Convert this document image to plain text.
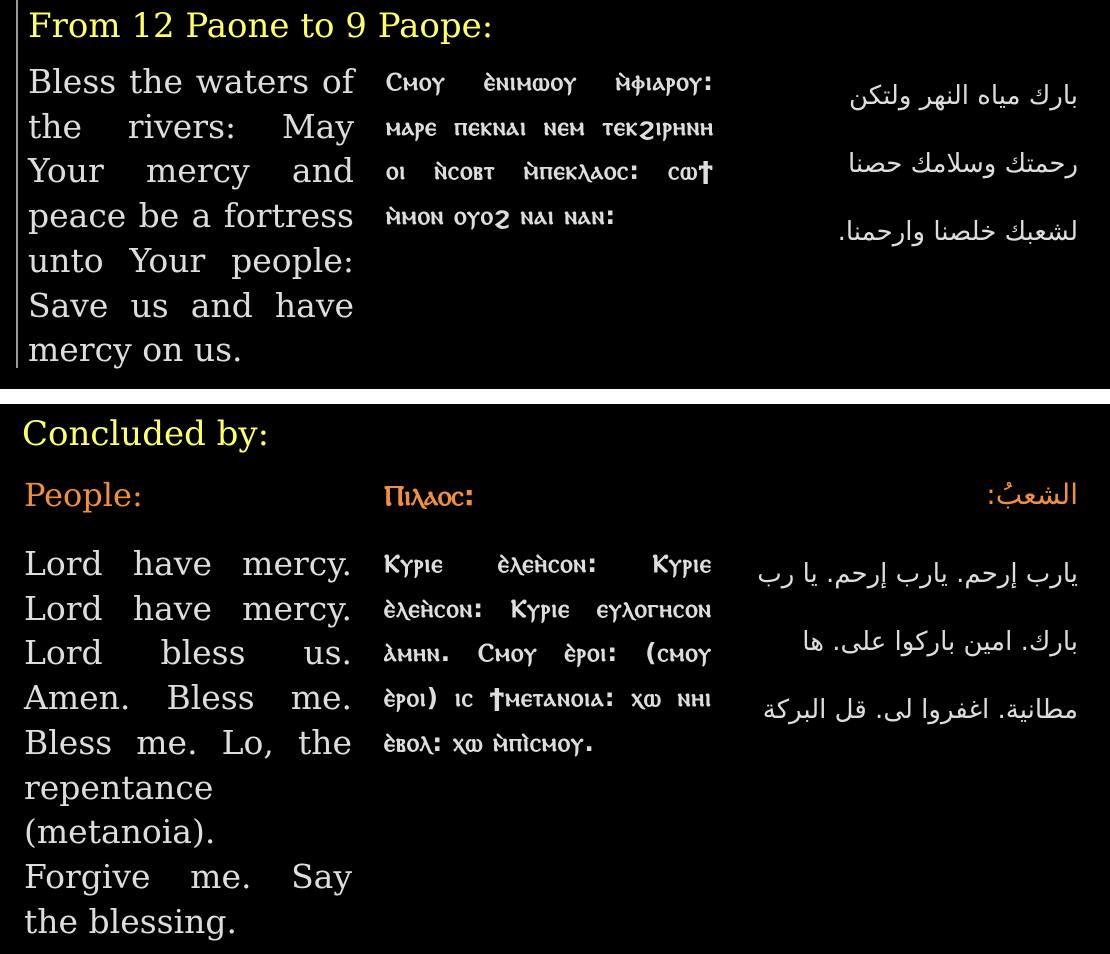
From 12 Paone to 9 Paope:
Bless the waters of the rivers: May Your mercy and peace be a fortress unto Your people: Save us and have mercy on us.
Ⲥⲙⲟⲩ ⲉ̀ⲛⲓⲙⲱⲟⲩ ⲙ̀ⲫⲓⲁⲣⲟⲩ: ⲙⲁⲣⲉ ⲡⲉⲕⲛⲁⲓ ⲛⲉⲙ ⲧⲉⲕϩⲓⲣⲏⲛⲏ ⲟⲓ ⲛ̀ⲥⲟⲃⲧ ⲙ̀ⲡⲉⲕⲗⲁⲟⲥ: ⲥⲱϯ ⲙ̀ⲙⲟⲛ ⲟⲩⲟϩ ⲛⲁⲓ ⲛⲁⲛ:
بارك مياه النهر ولتكن رحمتك وسلامك حصنا لشعبك خلصنا وارحمنا.
Concluded by:
People:	Ⲡⲓⲗⲁⲟⲥ:	الشعبُ:
Lord have mercy. Lord have mercy. Lord bless us. Amen. Bless me. Bless me. Lo, the repentance (metanoia). Forgive me. Say the blessing.
Ⲕⲩⲣⲓⲉ ⲉ̀ⲗⲉⲏ̀ⲥⲟⲛ: Ⲕⲩⲣⲓⲉ ⲉ̀ⲗⲉⲏ̀ⲥⲟⲛ: Ⲕⲩⲣⲓⲉ ⲉⲩⲗⲟⲅⲏⲥⲟⲛ ⲁ̀ⲙⲏⲛ. Ⲥⲙⲟⲩ ⲉ̀ⲣⲟⲓ: (ⲥⲙⲟⲩ ⲉ̀ⲣⲟⲓ) ⲓⲥ ϯⲙⲉⲧⲁⲛⲟⲓⲁ: ⲭⲱ ⲛⲏⲓ ⲉ̀ⲃⲟⲗ: ⲭⲱ ⲙ̀ⲡⲓ̀ⲥⲙⲟⲩ.
يارب إرحم. يارب إرحم. يا رب بارك. امين باركوا على. ها مطانية. اغفروا لى. قل البركة
